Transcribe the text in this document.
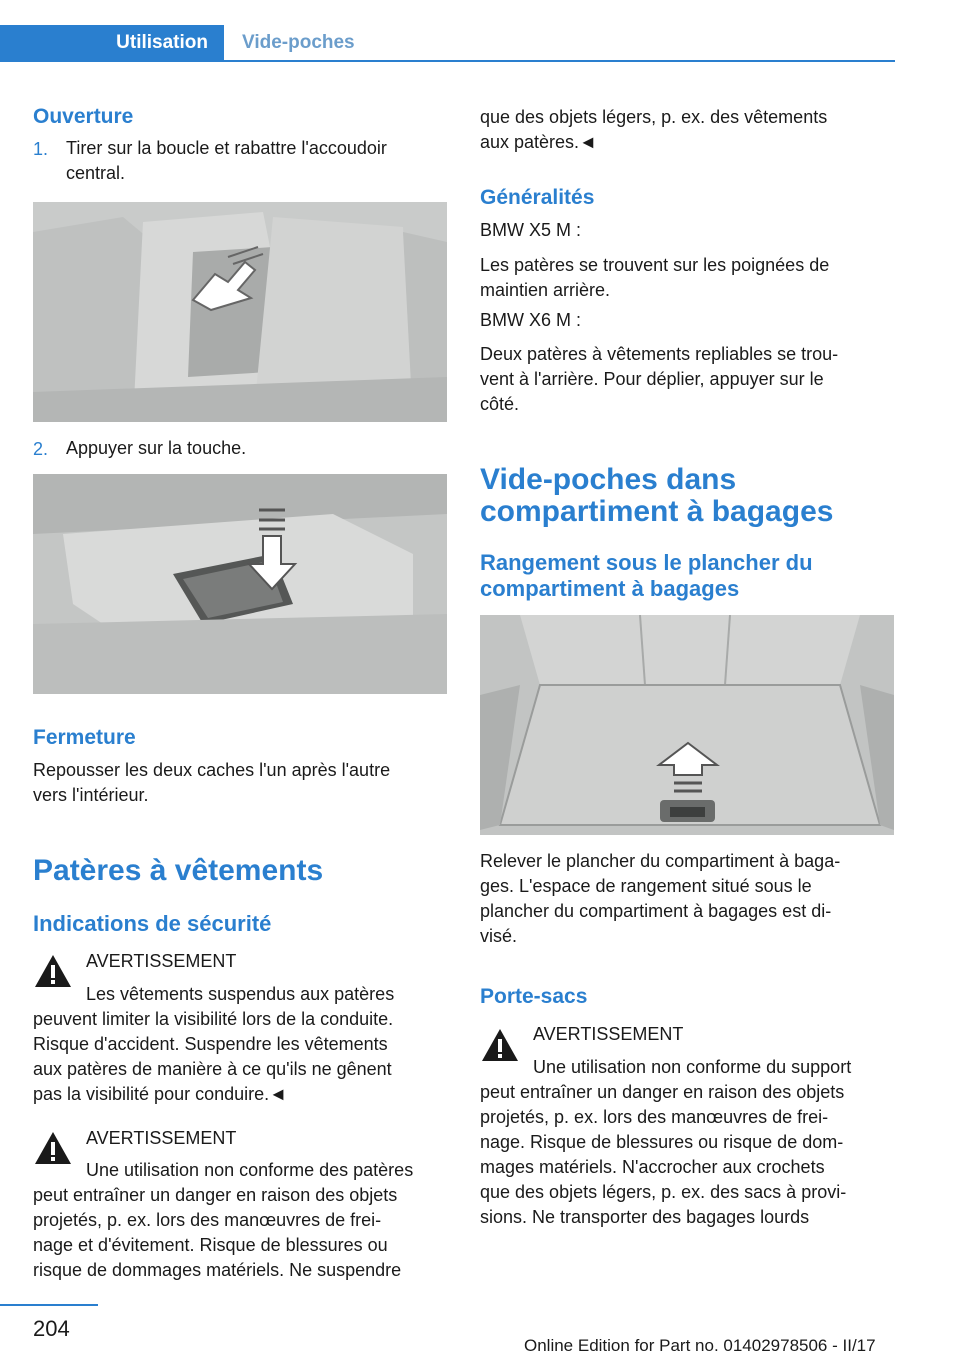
Utilisation	Vide-poches
Ouverture
1. Tirer sur la boucle et rabattre l'accoudoir
central.
2. Appuyer sur la touche.
Fermeture
Repousser les deux caches l'un après l'autre
vers l'intérieur.
Patères à vêtements
Indications de sécurité
AVERTISSEMENT
Les vêtements suspendus aux patères
peuvent limiter la visibilité lors de la conduite.
Risque d'accident. Suspendre les vêtements
aux patères de manière à ce qu'ils ne gênent
pas la visibilité pour conduire.◄
AVERTISSEMENT
Une utilisation non conforme des patères
peut entraîner un danger en raison des objets
projetés, p. ex. lors des manœuvres de frei‐
nage et d'évitement. Risque de blessures ou
risque de dommages matériels. Ne suspendre
que des objets légers, p. ex. des vêtements
aux patères.◄
Généralités
BMW X5 M :
Les patères se trouvent sur les poignées de
maintien arrière.
BMW X6 M :
Deux patères à vêtements repliables se trou‐
vent à l'arrière. Pour déplier, appuyer sur le
côté.
Vide-poches dans
compartiment à bagages
Rangement sous le plancher du
compartiment à bagages
Relever le plancher du compartiment à baga‐
ges. L'espace de rangement situé sous le
plancher du compartiment à bagages est di‐
visé.
Porte-sacs
AVERTISSEMENT
Une utilisation non conforme du support
peut entraîner un danger en raison des objets
projetés, p. ex. lors des manœuvres de frei‐
nage. Risque de blessures ou risque de dom‐
mages matériels. N'accrocher aux crochets
que des objets légers, p. ex. des sacs à provi‐
sions. Ne transporter des bagages lourds
204
Online Edition for Part no. 01402978506 - II/17
